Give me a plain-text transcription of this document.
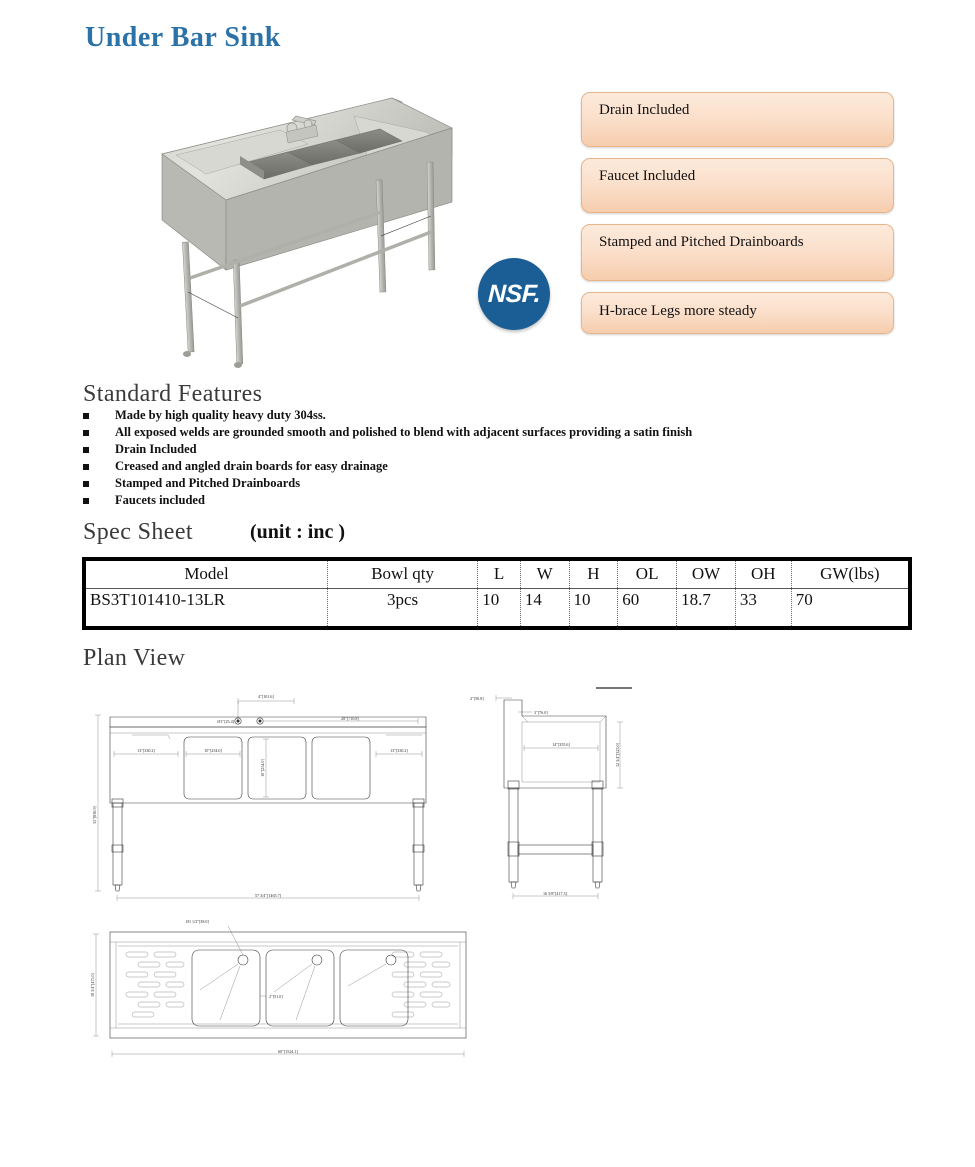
Under Bar Sink
NSF.
Drain Included
Faucet Included
Stamped and Pitched Drainboards
H-brace Legs more steady
Standard Features
Made by high quality heavy duty 304ss.
All exposed welds are grounded smooth and polished to blend with adjacent surfaces providing a satin finish
Drain Included
Creased and angled drain boards for easy drainage
Stamped and Pitched Drainboards
Faucets included
Spec Sheet	(unit : inc )
Model	Bowl qty	L	W	H	OL	OW	OH	GW(lbs)
BS3T101410-13LR	3pcs	10	14	10	60	18.7	33	70
Plan View
35"[836.9]
4"[101.6]
Ø1"[25.4]
28"[710.8]
13"[330.2]	10"[254.0]	13"[330.2]
10"[254.0]
57 3/4"[1465.7]
2"[50.8]
3"[76.0]
14"[355.6]	12 3/4"[323.0]
16 5/8"[417.3]
18 3/4"[475.0]
Ø1 1/2"[38.0]
2"[51.0]
60"[1524.1]
